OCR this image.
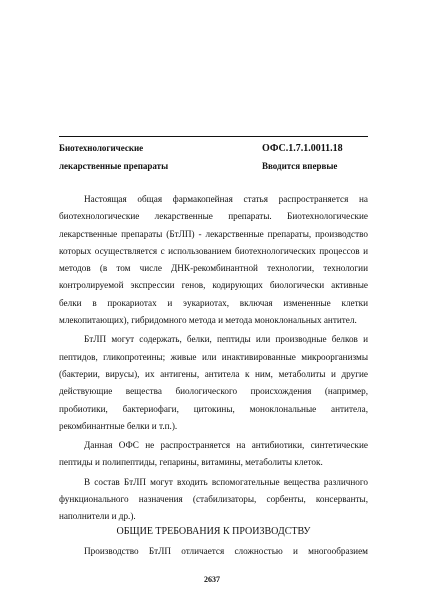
Биотехнологические
лекарственные препараты
ОФС.1.7.1.0011.18
Вводится впервые

Настоящая общая фармакопейная статья распространяется на биотехнологические лекарственные препараты. Биотехнологические лекарственные препараты (БтЛП) - лекарственные препараты, производство которых осуществляется с использованием биотехнологических процессов и методов (в том числе ДНК-рекомбинантной технологии, технологии контролируемой экспрессии генов, кодирующих биологически активные белки в прокариотах и эукариотах, включая измененные клетки млекопитающих), гибридомного метода и метода моноклональных антител.

БтЛП могут содержать, белки, пептиды или производные белков и пептидов, гликопротеины; живые или инактивированные микроорганизмы (бактерии, вирусы), их антигены, антитела к ним, метаболиты и другие действующие вещества биологического происхождения (например, пробиотики, бактериофаги, цитокины, моноклональные антитела, рекомбинантные белки и т.п.).

Данная ОФС не распространяется на антибиотики, синтетические пептиды и полипептиды, гепарины, витамины, метаболиты клеток.

В состав БтЛП могут входить вспомогательные вещества различного функционального назначения (стабилизаторы, сорбенты, консерванты, наполнители и др.).

ОБЩИЕ ТРЕБОВАНИЯ К ПРОИЗВОДСТВУ
Производство БтЛП отличается сложностью и многообразием
2637
